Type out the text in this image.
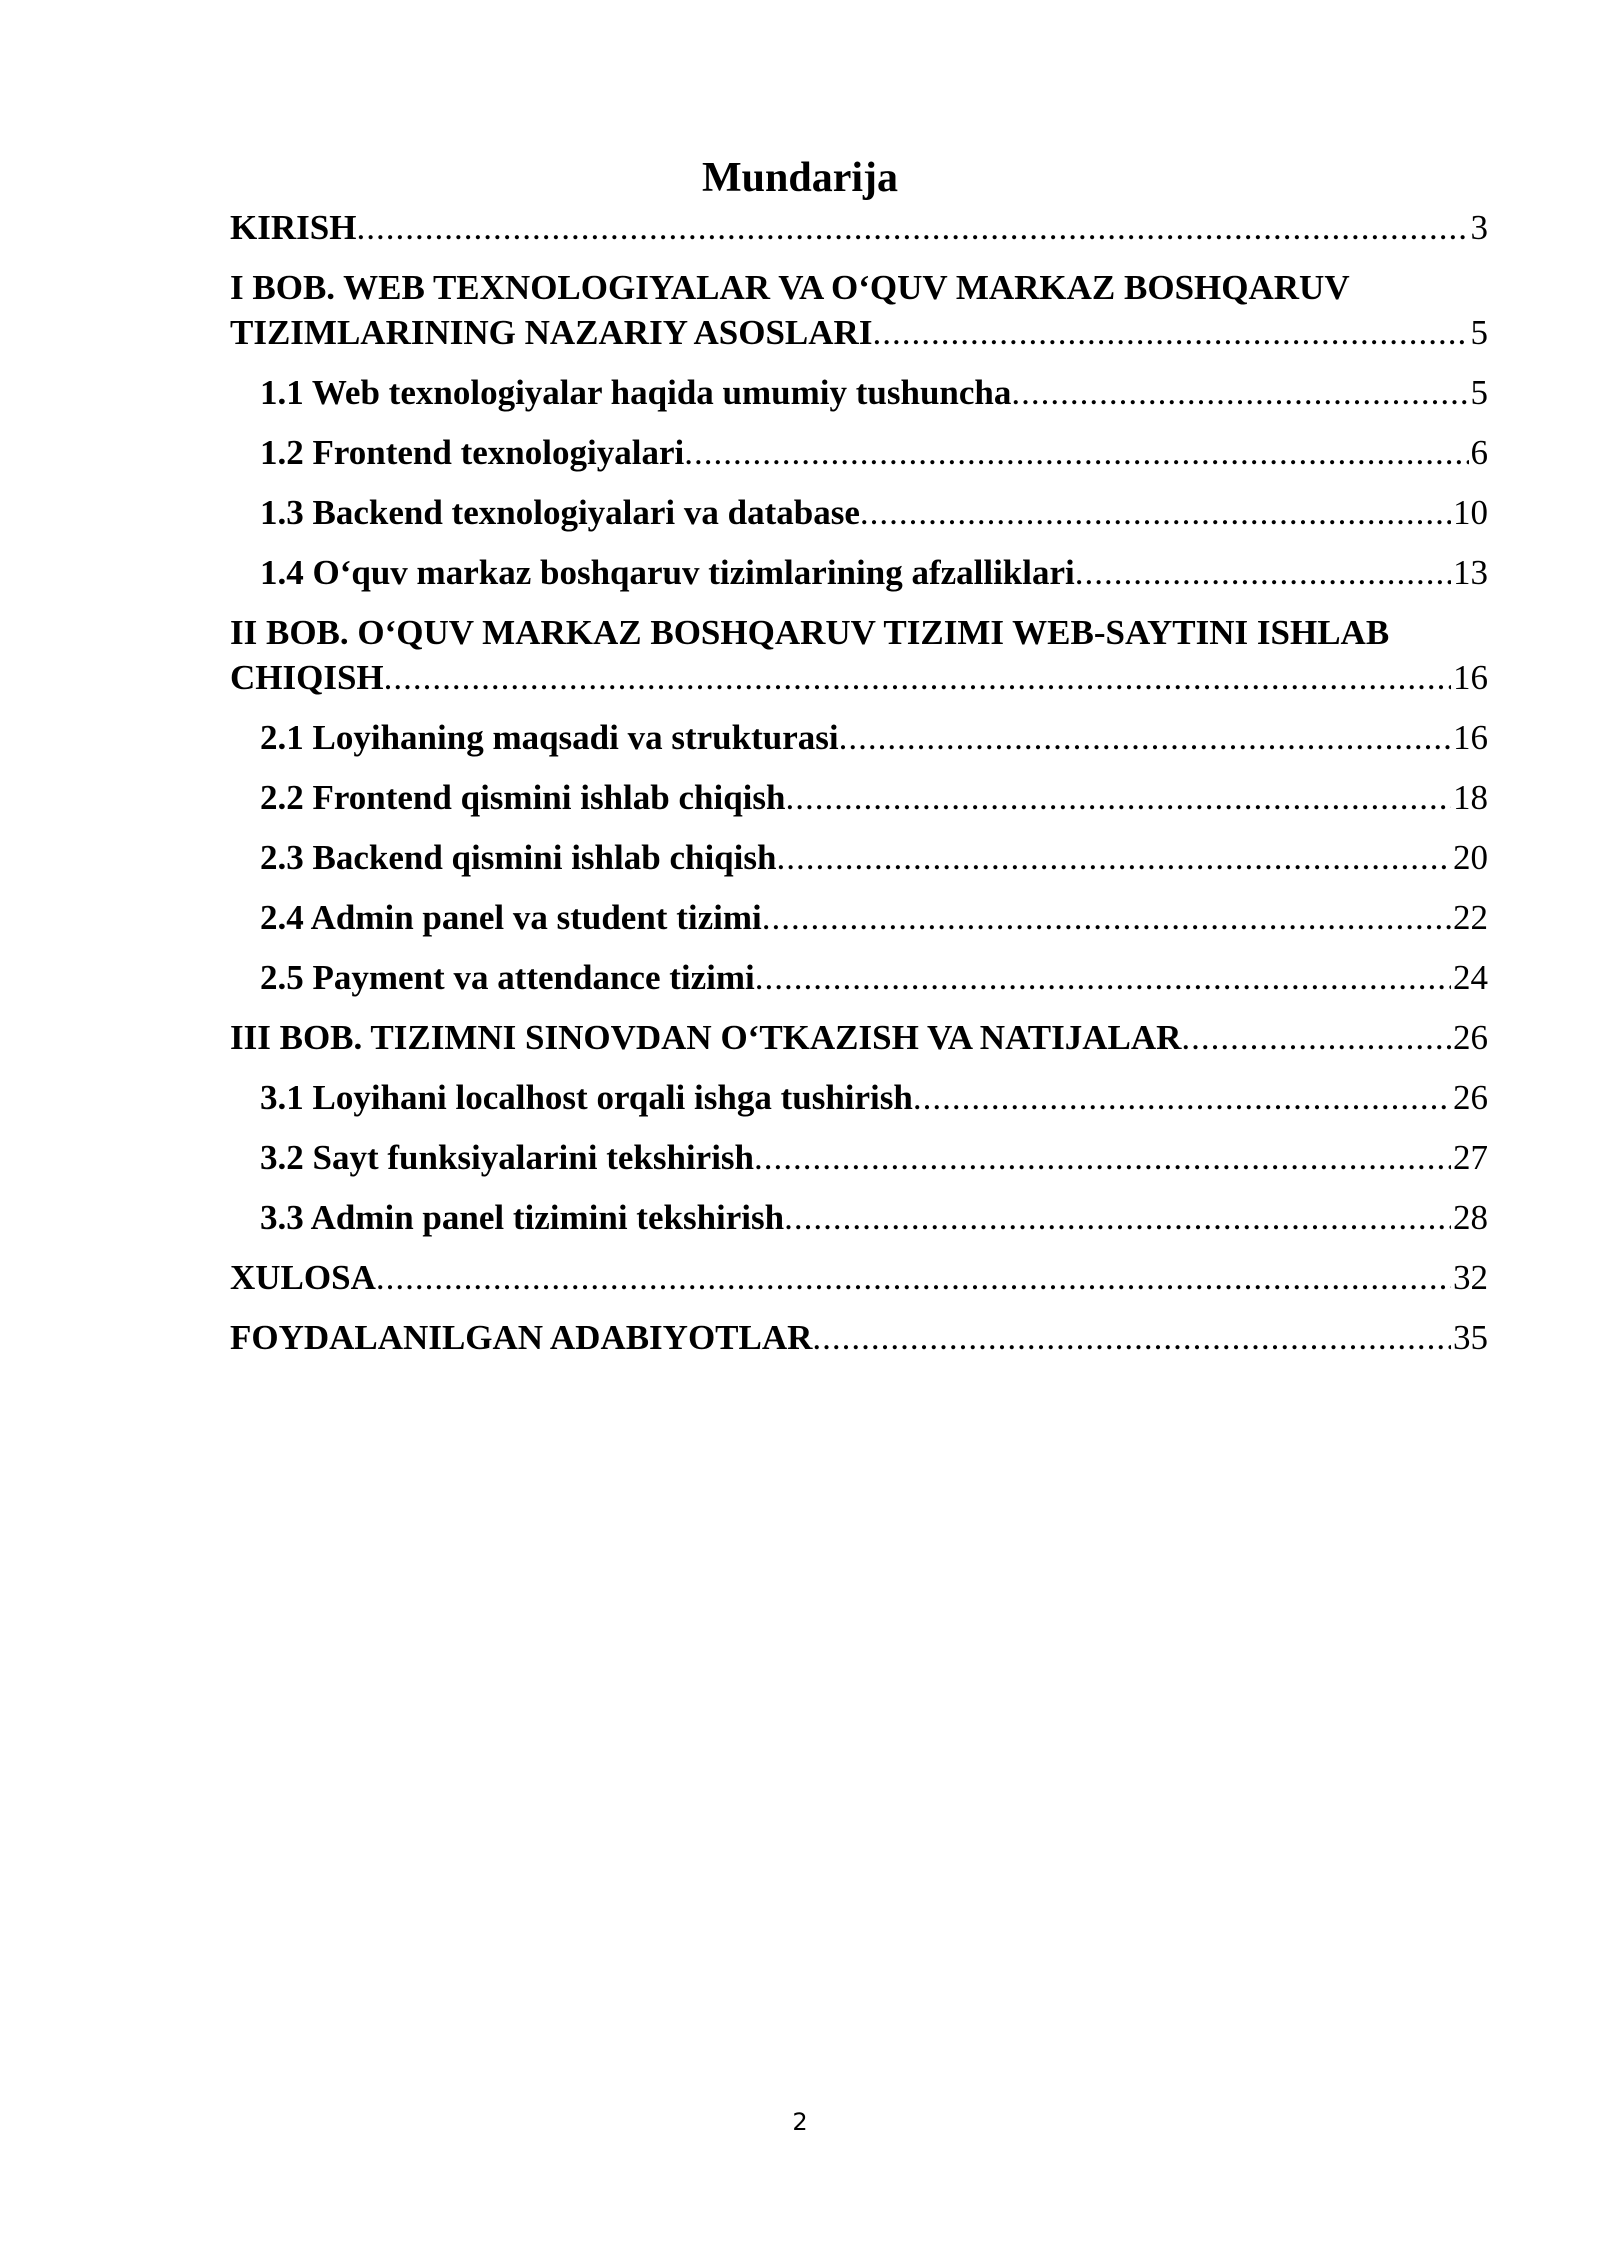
Mundarija
KIRISH .....	3
I BOB. WEB TEXNOLOGIYALAR VA O‘QUV MARKAZ BOSHQARUV
TIZIMLARINING NAZARIY ASOSLARI .....	5
1.1 Web texnologiyalar haqida umumiy tushuncha .....	5
1.2 Frontend texnologiyalari .....	6
1.3 Backend texnologiyalari va database .....	10
1.4 O‘quv markaz boshqaruv tizimlarining afzalliklari .....	13
II BOB. O‘QUV MARKAZ BOSHQARUV TIZIMI WEB-SAYTINI ISHLAB
CHIQISH .....	16
2.1 Loyihaning maqsadi va strukturasi .....	16
2.2 Frontend qismini ishlab chiqish .....	18
2.3 Backend qismini ishlab chiqish .....	20
2.4 Admin panel va student tizimi .....	22
2.5 Payment va attendance tizimi .....	24
III BOB. TIZIMNI SINOVDAN O‘TKAZISH VA NATIJALAR .....	26
3.1 Loyihani localhost orqali ishga tushirish .....	26
3.2 Sayt funksiyalarini tekshirish .....	27
3.3 Admin panel tizimini tekshirish .....	28
XULOSA .....	32
FOYDALANILGAN ADABIYOTLAR .....	35
2
